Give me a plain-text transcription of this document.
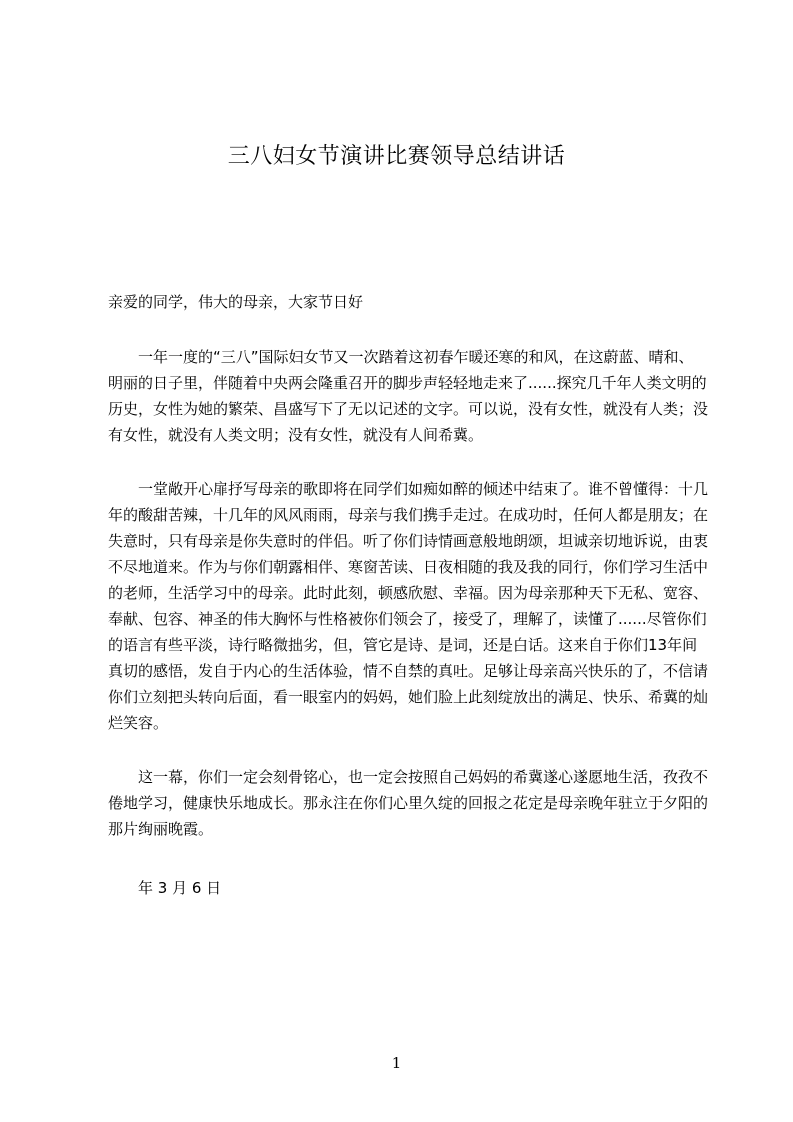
三八妇女节演讲比赛领导总结讲话
亲爱的同学，伟大的母亲，大家节日好

一年一度的“三八”国际妇女节又一次踏着这初春乍暖还寒的和风，在这蔚蓝、晴和、明丽的日子里，伴随着中央两会隆重召开的脚步声轻轻地走来了......探究几千年人类文明的历史，女性为她的繁荣、昌盛写下了无以记述的文字。可以说，没有女性，就没有人类；没有女性，就没有人类文明；没有女性，就没有人间希冀。

一堂敞开心扉抒写母亲的歌即将在同学们如痴如醉的倾述中结束了。谁不曾懂得：十几年的酸甜苦辣，十几年的风风雨雨，母亲与我们携手走过。在成功时，任何人都是朋友；在失意时，只有母亲是你失意时的伴侣。听了你们诗情画意般地朗颂，坦诚亲切地诉说，由衷不尽地道来。作为与你们朝露相伴、寒窗苦读、日夜相随的我及我的同行，你们学习生活中的老师，生活学习中的母亲。此时此刻，顿感欣慰、幸福。因为母亲那种天下无私、宽容、奉献、包容、神圣的伟大胸怀与性格被你们领会了，接受了，理解了，读懂了......尽管你们的语言有些平淡，诗行略微拙劣，但，管它是诗、是词，还是白话。这来自于你们13年间真切的感悟，发自于内心的生活体验，情不自禁的真吐。足够让母亲高兴快乐的了，不信请你们立刻把头转向后面，看一眼室内的妈妈，她们脸上此刻绽放出的满足、快乐、希冀的灿烂笑容。

这一幕，你们一定会刻骨铭心，也一定会按照自己妈妈的希冀遂心遂愿地生活，孜孜不倦地学习，健康快乐地成长。那永注在你们心里久绽的回报之花定是母亲晚年驻立于夕阳的那片绚丽晚霞。

年 3 月 6 日
1
